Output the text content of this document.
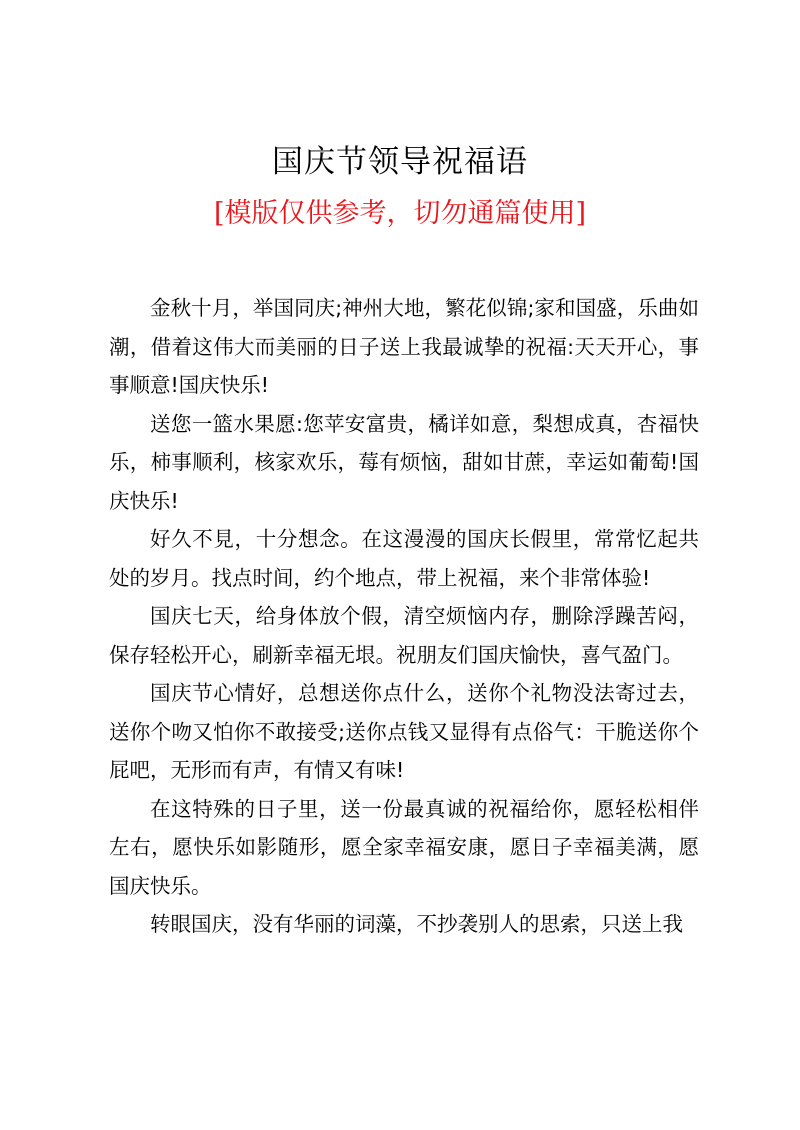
国庆节领导祝福语
[模版仅供参考，切勿通篇使用]

金秋十月，举国同庆;神州大地，繁花似锦;家和国盛，乐曲如潮，借着这伟大而美丽的日子送上我最诚挚的祝福:天天开心，事事顺意!国庆快乐!

送您一篮水果愿:您苹安富贵，橘详如意，梨想成真，杏福快乐，柿事顺利，核家欢乐，莓有烦恼，甜如甘蔗，幸运如葡萄!国庆快乐!

好久不見，十分想念。在这漫漫的国庆长假里，常常忆起共处的岁月。找点时间，约个地点，带上祝福，来个非常体验!

国庆七天，给身体放个假，清空烦恼内存，删除浮躁苦闷，保存轻松开心，刷新幸福无垠。祝朋友们国庆愉快，喜气盈门。

国庆节心情好，总想送你点什么，送你个礼物没法寄过去，送你个吻又怕你不敢接受;送你点钱又显得有点俗气：干脆送你个屁吧，无形而有声，有情又有味!

在这特殊的日子里，送一份最真诚的祝福给你，愿轻松相伴左右，愿快乐如影随形，愿全家幸福安康，愿日子幸福美满，愿国庆快乐。

转眼国庆，没有华丽的词藻，不抄袭别人的思索，只送上我
